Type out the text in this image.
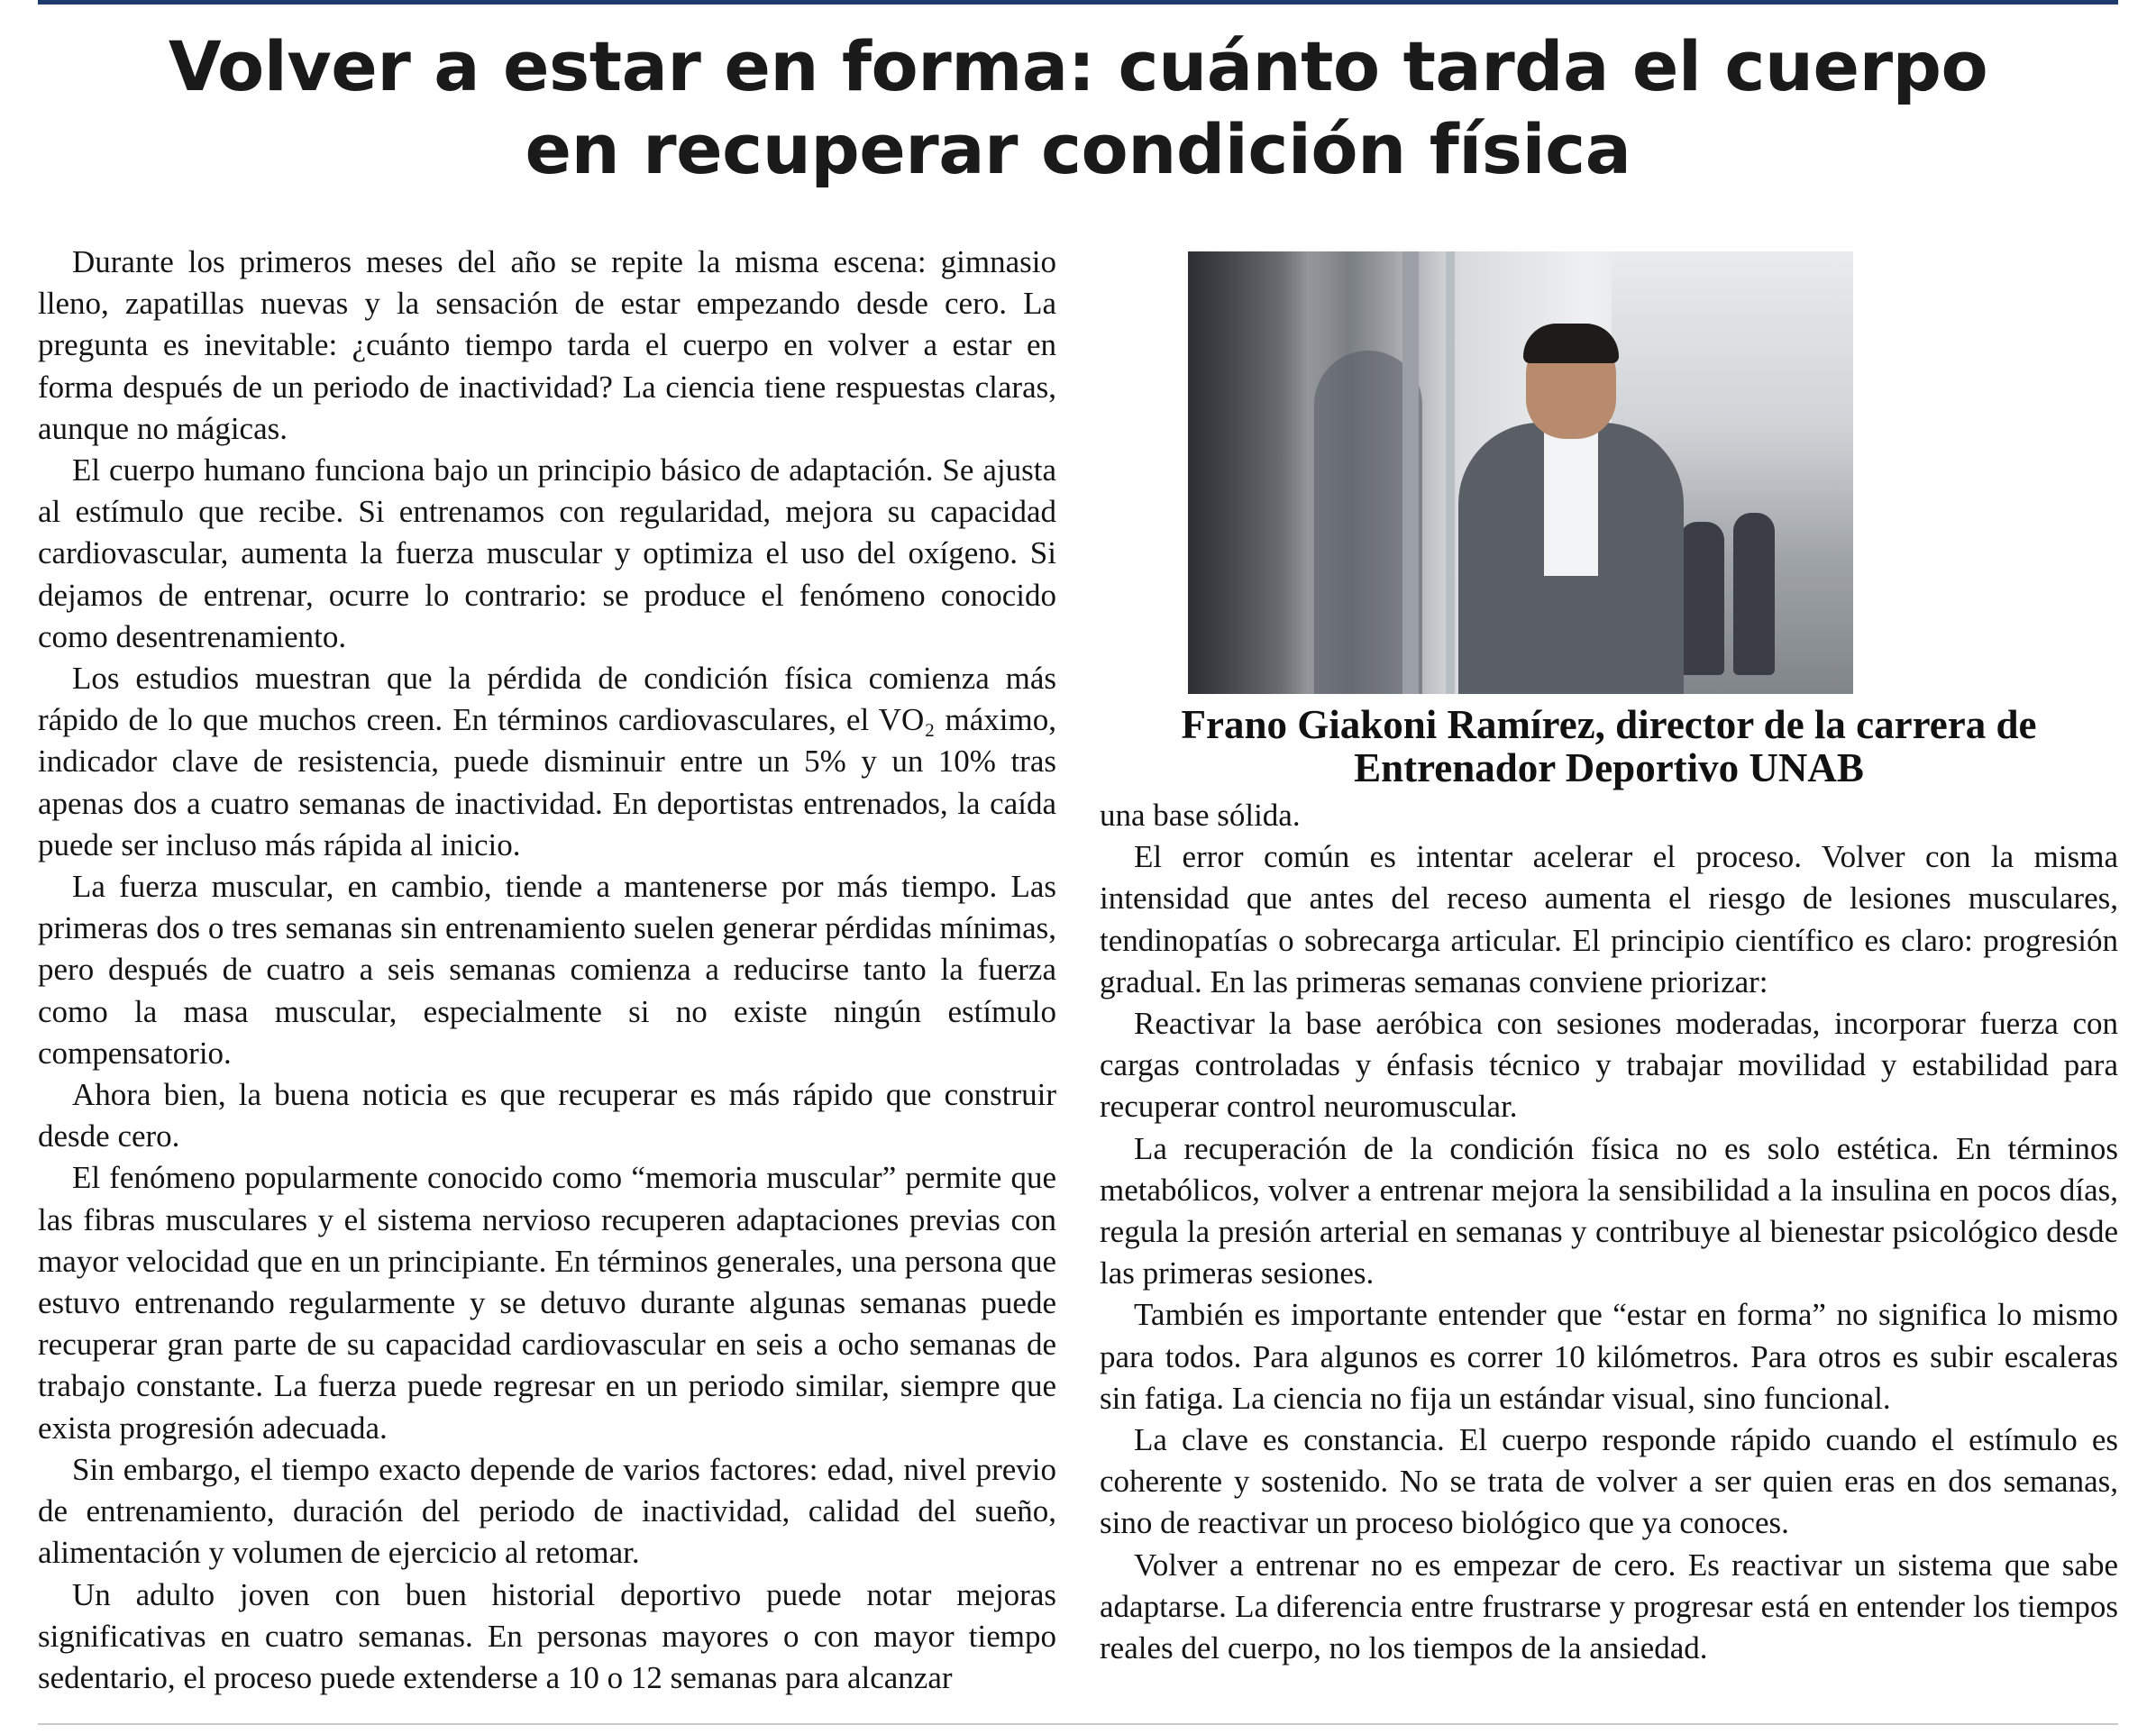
Volver a estar en forma: cuánto tarda el cuerpo en recuperar condición física

Durante los primeros meses del año se repite la misma escena: gimnasio lleno, zapatillas nuevas y la sensación de estar empezando desde cero. La pregunta es inevitable: ¿cuánto tiempo tarda el cuerpo en volver a estar en forma después de un periodo de inactividad? La ciencia tiene respuestas claras, aunque no mágicas.

El cuerpo humano funciona bajo un principio básico de adaptación. Se ajusta al estímulo que recibe. Si entrenamos con regularidad, mejora su capacidad cardiovascular, aumenta la fuerza muscular y optimiza el uso del oxígeno. Si dejamos de entrenar, ocurre lo contrario: se produce el fenómeno conocido como desentrenamiento.

Los estudios muestran que la pérdida de condición física comienza más rápido de lo que muchos creen. En términos cardiovasculares, el VO₂ máximo, indicador clave de resistencia, puede disminuir entre un 5% y un 10% tras apenas dos a cuatro semanas de inactividad. En deportistas entrenados, la caída puede ser incluso más rápida al inicio.

La fuerza muscular, en cambio, tiende a mantenerse por más tiempo. Las primeras dos o tres semanas sin entrenamiento suelen generar pérdidas mínimas, pero después de cuatro a seis semanas comienza a reducirse tanto la fuerza como la masa muscular, especialmente si no existe ningún estímulo compensatorio.

Ahora bien, la buena noticia es que recuperar es más rápido que construir desde cero.

El fenómeno popularmente conocido como “memoria muscular” permite que las fibras musculares y el sistema nervioso recuperen adaptaciones previas con mayor velocidad que en un principiante. En términos generales, una persona que estuvo entrenando regularmente y se detuvo durante algunas semanas puede recuperar gran parte de su capacidad cardiovascular en seis a ocho semanas de trabajo constante. La fuerza puede regresar en un periodo similar, siempre que exista progresión adecuada.

Sin embargo, el tiempo exacto depende de varios factores: edad, nivel previo de entrenamiento, duración del periodo de inactividad, calidad del sueño, alimentación y volumen de ejercicio al retomar.

Un adulto joven con buen historial deportivo puede notar mejoras significativas en cuatro semanas. En personas mayores o con mayor tiempo sedentario, el proceso puede extenderse a 10 o 12 semanas para alcanzar

Frano Giakoni Ramírez, director de la carrera de Entrenador Deportivo UNAB

una base sólida.

El error común es intentar acelerar el proceso. Volver con la misma intensidad que antes del receso aumenta el riesgo de lesiones musculares, tendinopatías o sobrecarga articular. El principio científico es claro: progresión gradual. En las primeras semanas conviene priorizar:

Reactivar la base aeróbica con sesiones moderadas, incorporar fuerza con cargas controladas y énfasis técnico y trabajar movilidad y estabilidad para recuperar control neuromuscular.

La recuperación de la condición física no es solo estética. En términos metabólicos, volver a entrenar mejora la sensibilidad a la insulina en pocos días, regula la presión arterial en semanas y contribuye al bienestar psicológico desde las primeras sesiones.

También es importante entender que “estar en forma” no significa lo mismo para todos. Para algunos es correr 10 kilómetros. Para otros es subir escaleras sin fatiga. La ciencia no fija un estándar visual, sino funcional.

La clave es constancia. El cuerpo responde rápido cuando el estímulo es coherente y sostenido. No se trata de volver a ser quien eras en dos semanas, sino de reactivar un proceso biológico que ya conoces.

Volver a entrenar no es empezar de cero. Es reactivar un sistema que sabe adaptarse. La diferencia entre frustrarse y progresar está en entender los tiempos reales del cuerpo, no los tiempos de la ansiedad.
